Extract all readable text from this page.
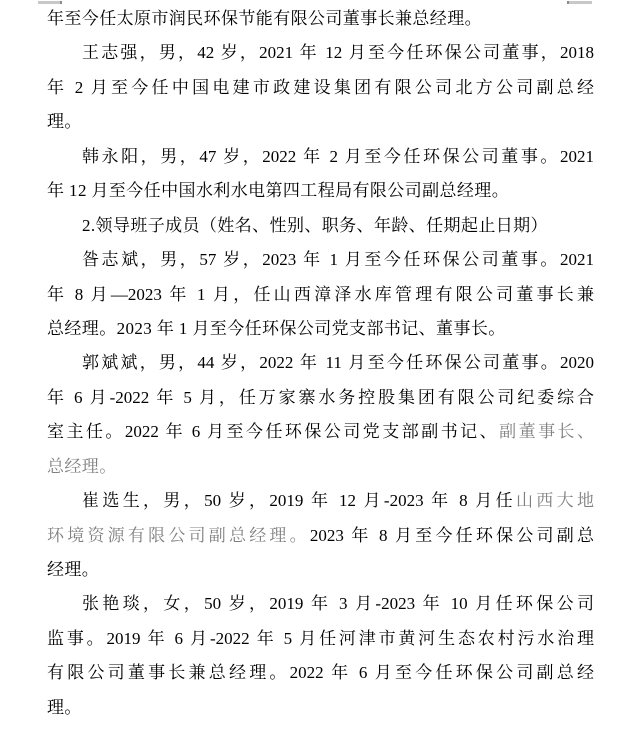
年至今任太原市润民环保节能有限公司董事长兼总经理。
王志强，男，42 岁，2021 年 12 月至今任环保公司董事，2018
年 2 月至今任中国电建市政建设集团有限公司北方公司副总经
理。
韩永阳，男，47 岁，2022 年 2 月至今任环保公司董事。2021
年 12 月至今任中国水利水电第四工程局有限公司副总经理。
2.领导班子成员（姓名、性别、职务、年龄、任期起止日期）
昝志斌，男，57 岁，2023 年 1 月至今任环保公司董事。2021
年 8 月—2023 年 1 月，任山西漳泽水库管理有限公司董事长兼
总经理。2023 年 1 月至今任环保公司党支部书记、董事长。
郭斌斌，男，44 岁，2022 年 11 月至今任环保公司董事。2020
年 6 月-2022 年 5 月，任万家寨水务控股集团有限公司纪委综合
室主任。2022 年 6 月至今任环保公司党支部副书记、副董事长、
总经理。
崔选生，男，50 岁，2019 年 12 月-2023 年 8 月任山西大地
环境资源有限公司副总经理。2023 年 8 月至今任环保公司副总
经理。
张艳琰，女，50 岁，2019 年 3 月-2023 年 10 月任环保公司
监事。2019 年 6 月-2022 年 5 月任河津市黄河生态农村污水治理
有限公司董事长兼总经理。2022 年 6 月至今任环保公司副总经
理。
